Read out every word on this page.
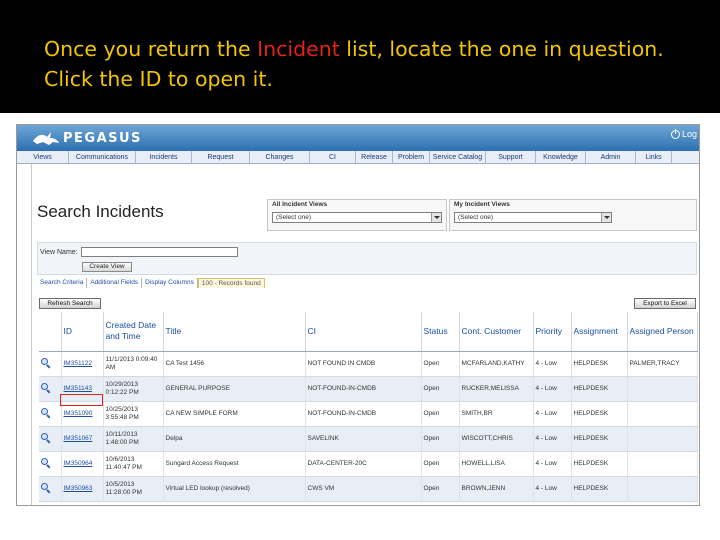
Once you return the Incident list, locate the one in question. Click the ID to open it.
PEGASUS	Log
Views	Communications	Incidents	Request	Changes	CI	Release	Problem	Service Catalog	Support	Knowledge	Admin	Links
Search Incidents	All Incident Views
(Select one)
My Incident Views
(Select one)
View Name:
Create View
Search Criteria	Additional Fields	Display Columns	100 - Records found
Refresh Search	Export to Excel
	ID	Created Date and Time	Title	CI	Status	Cont. Customer	Priority	Assignment	Assigned Person

	IM351122	11/1/2013 0:09:40 AM	CA Test 1456	NOT FOUND IN CMDB	Open	MCFARLAND,KATHY	4 - Low	HELPDESK	PALMER,TRACY

	IM351143	10/29/2013 0:12:22 PM	GENERAL PURPOSE	NOT-FOUND-IN-CMDB	Open	RUCKER,MELISSA	4 - Low	HELPDESK	

	IM351090	10/25/2013 3:55:48 PM	CA NEW SIMPLE FORM	NOT-FOUND-IN-CMDB	Open	SMITH,BR	4 - Low	HELPDESK	

	IM351067	10/11/2013 1:48:00 PM	Delpa	SAVELINK	Open	WISCOTT,CHRIS	4 - Low	HELPDESK	

	IM350964	10/6/2013 11:40:47 PM	Sungard Access Request	DATA-CENTER-20C	Open	HOWELL,LISA	4 - Low	HELPDESK	

	IM350963	10/5/2013 11:28:00 PM	Virtual LED lookup (resolved)	CWS VM	Open	BROWN,JENN	4 - Low	HELPDESK	
